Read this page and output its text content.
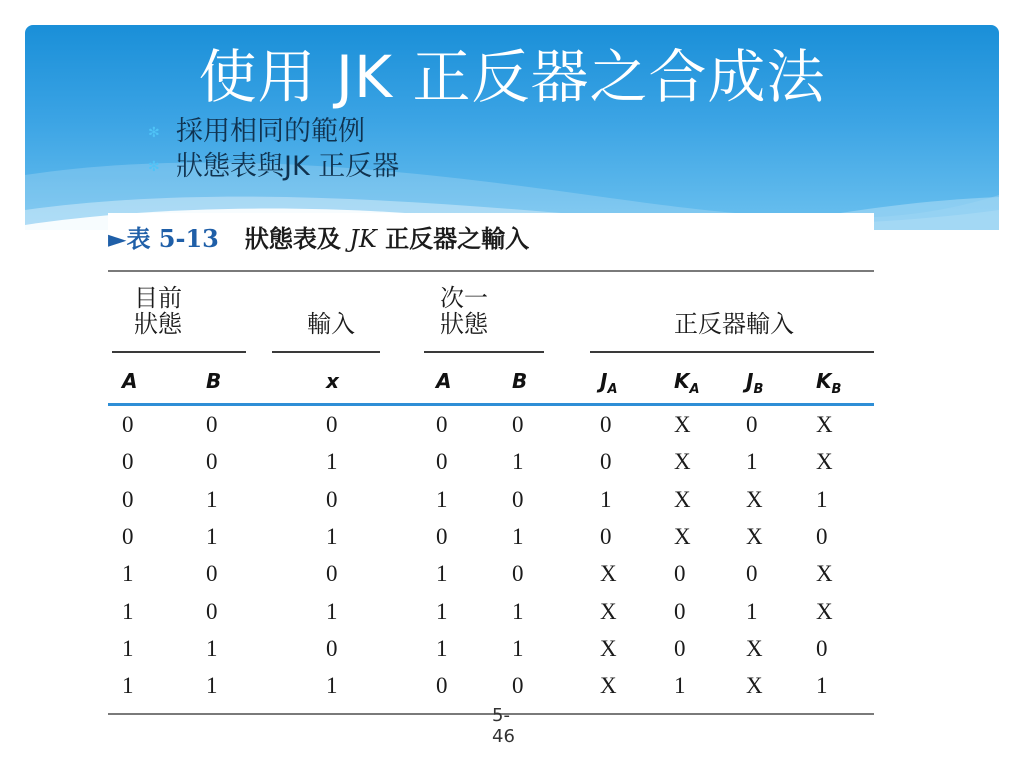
使用 JK 正反器之合成法
✻ 採用相同的範例
✻ 狀態表與JK 正反器
►表 5-13 狀態表及 JK 正反器之輸入
目前
狀態	輸入
次一
狀態	正反器輸入
A	B	x	A	B	$J_A$	$K_A$ $J_B$	$K_B$
0	0	0	0	0	0	X 0	X
0	0	1	0	1	0	X 1	X
0	1	0	1	0	1	X X 1
0	1	1	0	1	0	X X 0
1	0	0	1	0	X 0	0	X
1	0	1	1	1	X 0	1	X
1	1	0	1	1	X 0	X 0
1	1	1	0	0	X 1	X 1
5-46
